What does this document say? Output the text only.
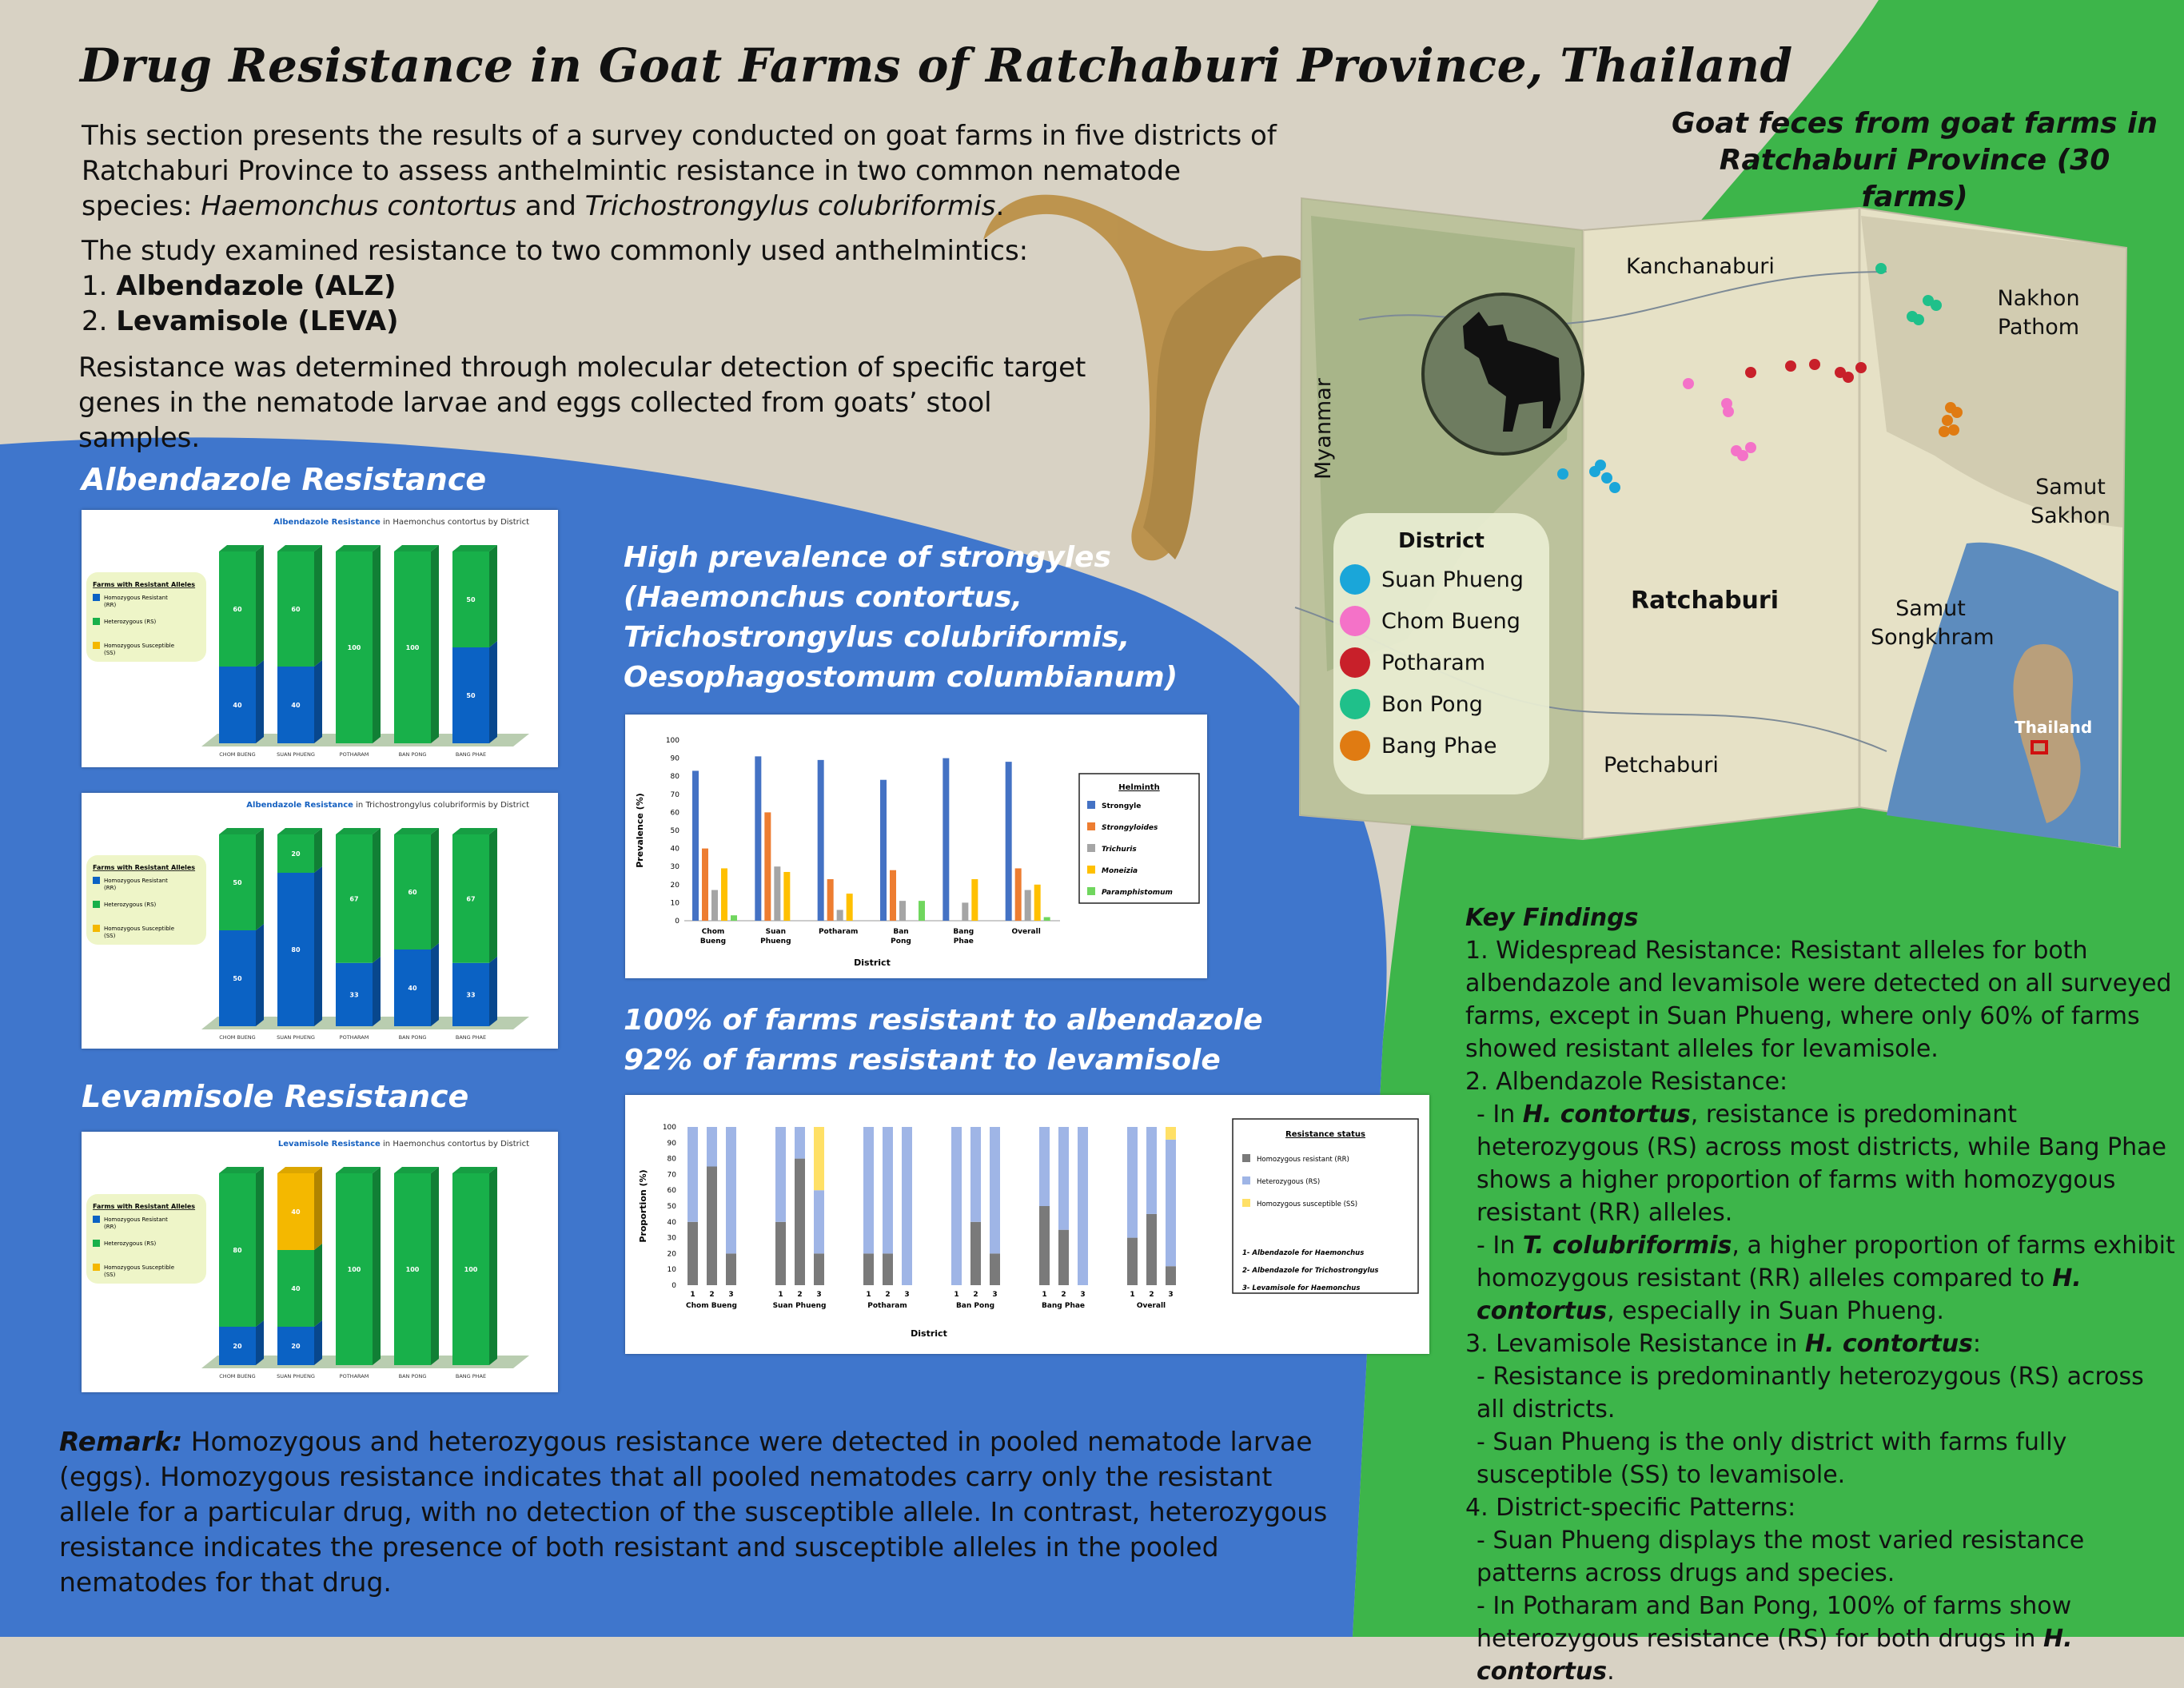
Drug Resistance in Goat Farms of Ratchaburi Province, Thailand

This section presents the results of a survey conducted on goat farms in five districts of Ratchaburi Province to assess anthelmintic resistance in two common nematode species: Haemonchus contortus and Trichostrongylus colubriformis.

The study examined resistance to two commonly used anthelmintics:

1. Albendazole (ALZ)
2. Levamisole (LEVA)

Resistance was determined through molecular detection of specific target genes in the nematode larvae and eggs collected from goats’ stool samples.

Albendazole Resistance
Levamisole Resistance
High prevalence of strongyles (Haemonchus contortus, Trichostrongylus colubriformis, Oesophagostomum columbianum)
100% of farms resistant to albendazole
92% of farms resistant to levamisole
Albendazole Resistance in Haemonchus contortus by District
Farms with Resistant Alleles
Homozygous Resistant
(RR)
Heterozygous (RS)
Homozygous Susceptible
(SS)
40
60
CHOM BUENG
40
60
SUAN PHUENG
100
POTHARAM
100
BAN PONG
50
50
BANG PHAE
Albendazole Resistance in Trichostrongylus colubriformis by District
Farms with Resistant Alleles
Homozygous Resistant
(RR)
Heterozygous (RS)
Homozygous Susceptible
(SS)
50
50
CHOM BUENG
80
20
SUAN PHUENG
33
67
POTHARAM
40
60
BAN PONG
33
67
BANG PHAE
Levamisole Resistance in Haemonchus contortus by District
Farms with Resistant Alleles
Homozygous Resistant
(RR)
Heterozygous (RS)
Homozygous Susceptible
(SS)
20
80
CHOM BUENG
20
40
40
SUAN PHUENG
100
POTHARAM
100
BAN PONG
100
BANG PHAE
0
10
20
30
40
50
60
70
80
90
100
Prevalence (%)
District
Chom
Bueng
Suan
Phueng
Potharam	Ban
Pong
Bang
Phae
Overall
Helminth
Strongyle
Strongyloides
Trichuris
Moneizia
Paramphistomum
0
10
20
30
40
50
60
70
80
90
100
Proportion (%)
District
1 2 3
Chom Bueng
1 2 3
Suan Phueng
1 2 3
Potharam
1 2 3
Ban Pong
1 2 3
Bang Phae
1 2 3
Overall
Resistance status
Homozygous resistant (RR)
Heterozygous (RS)
Homozygous susceptible (SS)
1- Albendazole for Haemonchus
2- Albendazole for Trichostrongylus
3- Levamisole for Haemonchus
Goat feces from goat farms in Ratchaburi Province (30 farms)
Kanchanaburi
Nakhon Pathom
Myanmar
Samut Sakhon
Ratchaburi	Samut Songkhram
Petchaburi
Thailand
District
Suan Phueng
Chom Bueng
Potharam
Bon Pong
Bang Phae
Key Findings
1. Widespread Resistance: Resistant alleles for both albendazole and levamisole were detected on all surveyed farms, except in Suan Phueng, where only 60% of farms showed resistant alleles for levamisole.
2. Albendazole Resistance:
- In H. contortus, resistance is predominant heterozygous (RS) across most districts, while Bang Phae shows a higher proportion of farms with homozygous resistant (RR) alleles.
- In T. colubriformis, a higher proportion of farms exhibit homozygous resistant (RR) alleles compared to H. contortus, especially in Suan Phueng.
3. Levamisole Resistance in H. contortus:
- Resistance is predominantly heterozygous (RS) across all districts.
- Suan Phueng is the only district with farms fully susceptible (SS) to levamisole.
4. District-specific Patterns:
- Suan Phueng displays the most varied resistance patterns across drugs and species.
- In Potharam and Ban Pong, 100% of farms show heterozygous resistance (RS) for both drugs in H. contortus.
Remark: Homozygous and heterozygous resistance were detected in pooled nematode larvae (eggs). Homozygous resistance indicates that all pooled nematodes carry only the resistant allele for a particular drug, with no detection of the susceptible allele. In contrast, heterozygous resistance indicates the presence of both resistant and susceptible alleles in the pooled nematodes for that drug.
